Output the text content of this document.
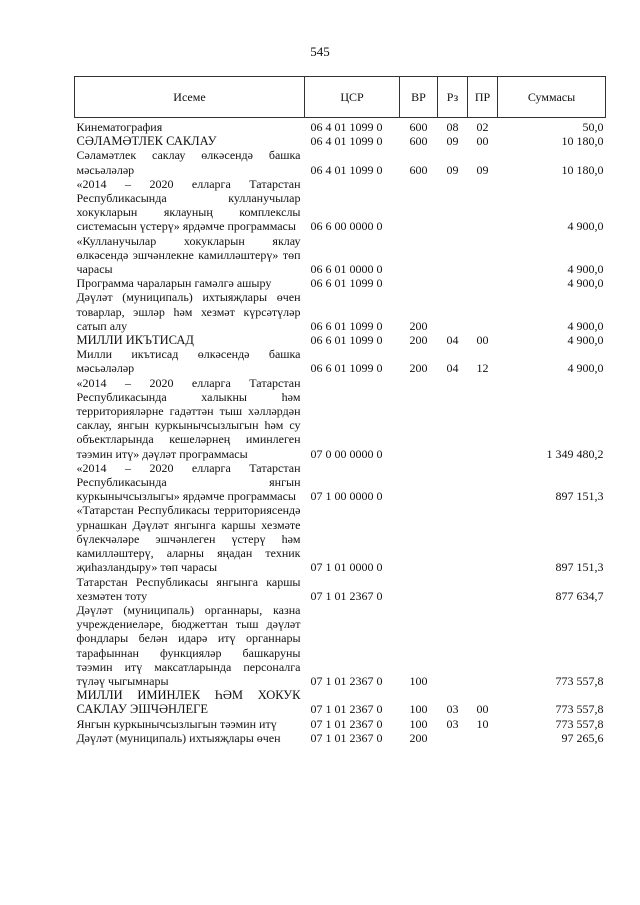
545
Исеме	ЦСР	ВР	Рз	ПР	Суммасы
Кинематография	06 4 01 1099 0	600	08	02	50,0
СӘЛАМӘТЛЕК САКЛАУ	06 4 01 1099 0	600	09	00	10 180,0
Сәламәтлек саклау өлкәсендә башка мәсьәләләр	06 4 01 1099 0	600	09	09	10 180,0
«2014 – 2020 елларга Татарстан Республикасында кулланучылар хокукларын яклауның комплекслы системасын үстерү» ярдәмче программасы	06 6 00 0000 0				4 900,0
«Кулланучылар хокукларын яклау өлкәсендә эшчәнлекне камилләштерү» төп чарасы	06 6 01 0000 0				4 900,0
Программа чараларын гамәлгә ашыру	06 6 01 1099 0				4 900,0
Дәүләт (муниципаль) ихтыяҗлары өчен товарлар, эшләр һәм хезмәт күрсәтүләр сатып алу	06 6 01 1099 0	200			4 900,0
МИЛЛИ ИКЪТИСАД	06 6 01 1099 0	200	04	00	4 900,0
Милли икътисад өлкәсендә башка мәсьәләләр	06 6 01 1099 0	200	04	12	4 900,0
«2014 – 2020 елларга Татарстан Республикасында халыкны һәм территорияләрне гадәттән тыш хәлләрдән саклау, янгын куркынычсызлыгын һәм су объектларында кешеләрнең иминлеген тәэмин итү» дәүләт программасы	07 0 00 0000 0				1 349 480,2
«2014 – 2020 елларга Татарстан Республикасында янгын куркынычсызлыгы» ярдәмче программасы	07 1 00 0000 0				897 151,3
«Татарстан Республикасы территориясендә урнашкан Дәүләт янгынга каршы хезмәте бүлекчәләре эшчәнлеген үстерү һәм камилләштерү, аларны яңадан техник җиһазландыру» төп чарасы	07 1 01 0000 0				897 151,3
Татарстан Республикасы янгынга каршы хезмәтен тоту	07 1 01 2367 0				877 634,7
Дәүләт (муниципаль) органнары, казна учреждениеләре, бюджеттан тыш дәүләт фондлары белән идарә итү органнары тарафыннан функцияләр башкаруны тәэмин итү максатларында персоналга түләү чыгымнары	07 1 01 2367 0	100			773 557,8
МИЛЛИ ИМИНЛЕК ҺӘМ ХОКУК САКЛАУ ЭШЧӘНЛЕГЕ	07 1 01 2367 0	100	03	00	773 557,8
Янгын куркынычсызлыгын тәэмин итү	07 1 01 2367 0	100	03	10	773 557,8
Дәүләт (муниципаль) ихтыяҗлары өчен	07 1 01 2367 0	200			97 265,6
